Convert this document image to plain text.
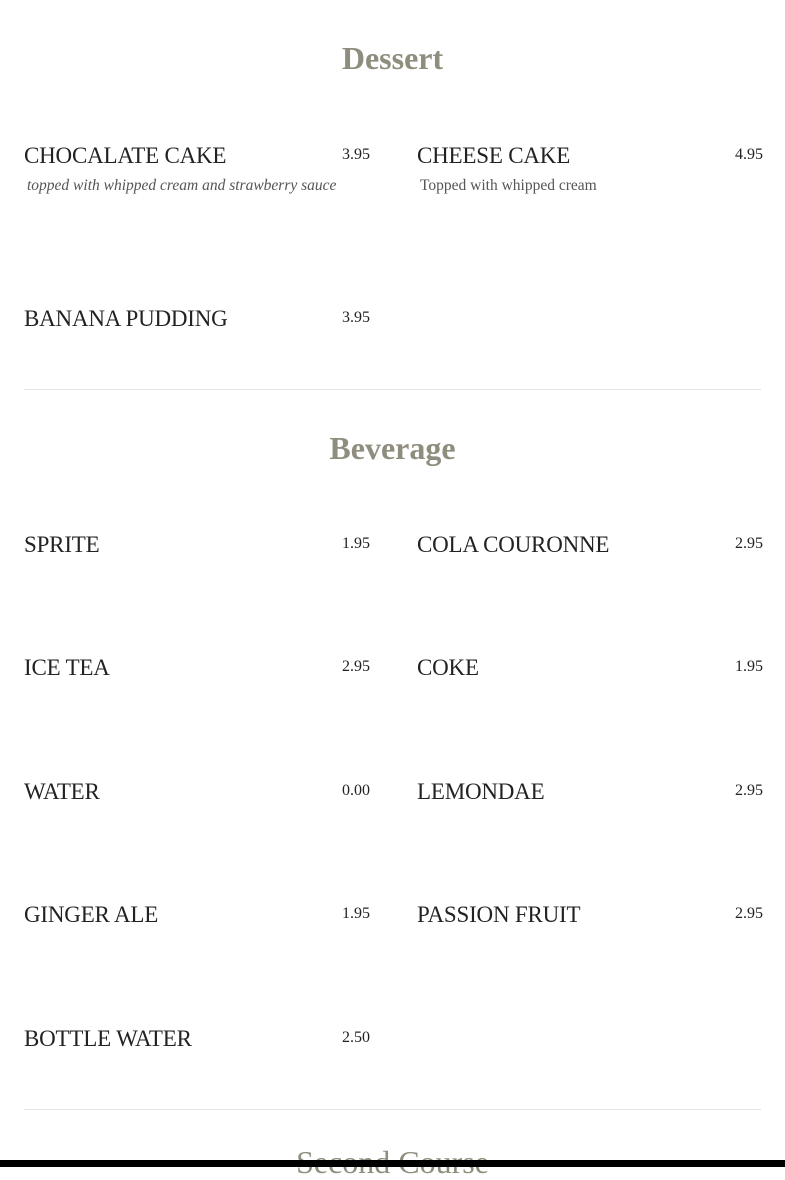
Dessert
CHOCALATE CAKE	3.95
topped with whipped cream and strawberry sauce
CHEESE CAKE	4.95
Topped with whipped cream
BANANA PUDDING	3.95
Beverage
SPRITE	1.95 COLA COURONNE	2.95
ICE TEA	2.95 COKE	1.95
WATER	0.00 LEMONDAE	2.95
GINGER ALE	1.95 PASSION FRUIT	2.95
BOTTLE WATER	2.50
